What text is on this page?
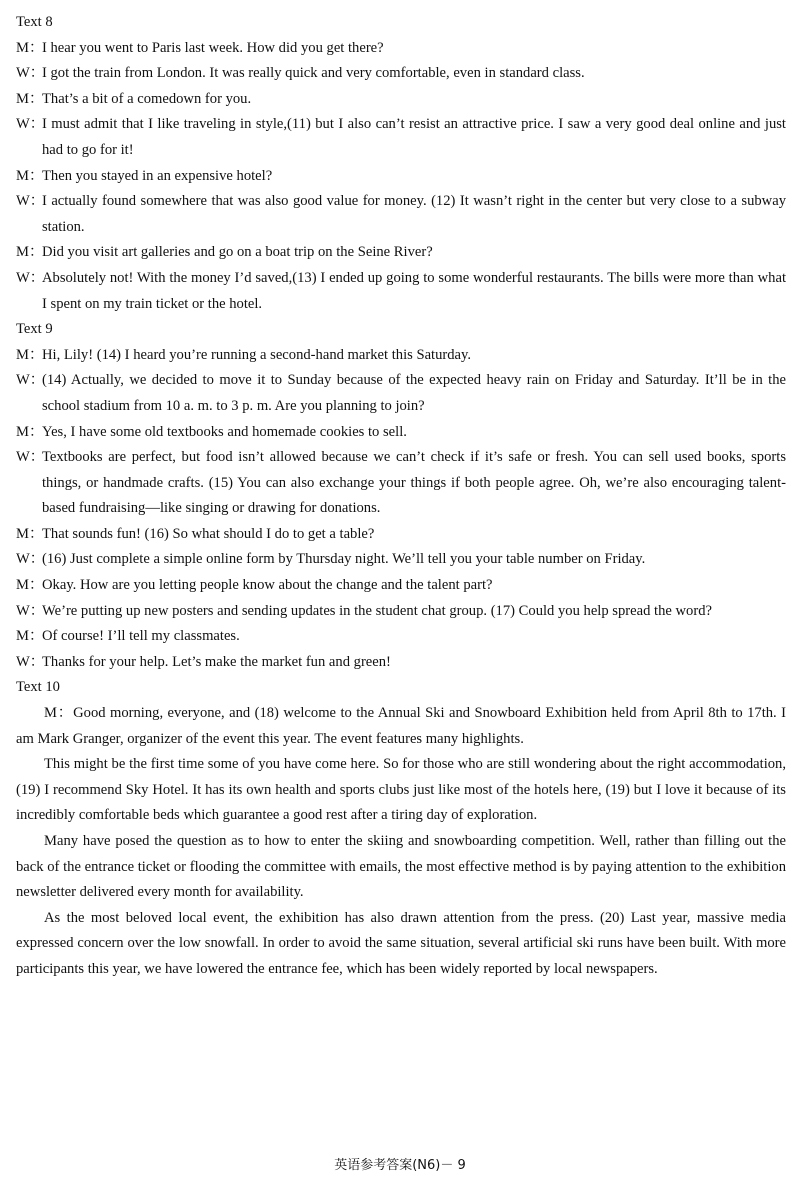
Text 8
M：
I hear you went to Paris last week. How did you get there?
W：
I got the train from London. It was really quick and very comfortable, even in standard class.
M：
That’s a bit of a comedown for you.
W：
I must admit that I like traveling in style,(11) but I also can’t resist an attractive price. I saw a very good deal online and just had to go for it!
M：
Then you stayed in an expensive hotel?
W：
I actually found somewhere that was also good value for money. (12) It wasn’t right in the center but very close to a subway station.
M：
Did you visit art galleries and go on a boat trip on the Seine River?
W：
Absolutely not! With the money I’d saved,(13) I ended up going to some wonderful restaurants. The bills were more than what I spent on my train ticket or the hotel.
Text 9
M：
Hi, Lily! (14) I heard you’re running a second-hand market this Saturday.
W：
(14) Actually, we decided to move it to Sunday because of the expected heavy rain on Friday and Saturday. It’ll be in the school stadium from 10 a. m. to 3 p. m. Are you planning to join?
M：
Yes, I have some old textbooks and homemade cookies to sell.
W：
Textbooks are perfect, but food isn’t allowed because we can’t check if it’s safe or fresh. You can sell used books, sports things, or handmade crafts. (15) You can also exchange your things if both people agree. Oh, we’re also encouraging talent-based fundraising—like singing or drawing for donations.
M：
That sounds fun! (16) So what should I do to get a table?
W：
(16) Just complete a simple online form by Thursday night. We’ll tell you your table number on Friday.
M：
Okay. How are you letting people know about the change and the talent part?
W：
We’re putting up new posters and sending updates in the student chat group. (17) Could you help spread the word?
M：
Of course! I’ll tell my classmates.
W：
Thanks for your help. Let’s make the market fun and green!
Text 10

M：Good morning, everyone, and (18) welcome to the Annual Ski and Snowboard Exhibition held from April 8th to 17th. I am Mark Granger, organizer of the event this year. The event features many highlights.

This might be the first time some of you have come here. So for those who are still wondering about the right accommodation, (19) I recommend Sky Hotel. It has its own health and sports clubs just like most of the hotels here, (19) but I love it because of its incredibly comfortable beds which guarantee a good rest after a tiring day of exploration.

Many have posed the question as to how to enter the skiing and snowboarding competition. Well, rather than filling out the back of the entrance ticket or flooding the committee with emails, the most effective method is by paying attention to the exhibition newsletter delivered every month for availability.

As the most beloved local event, the exhibition has also drawn attention from the press. (20) Last year, massive media expressed concern over the low snowfall. In order to avoid the same situation, several artificial ski runs have been built. With more participants this year, we have lowered the entrance fee, which has been widely reported by local newspapers.

英语参考答案(N6)－ 9
